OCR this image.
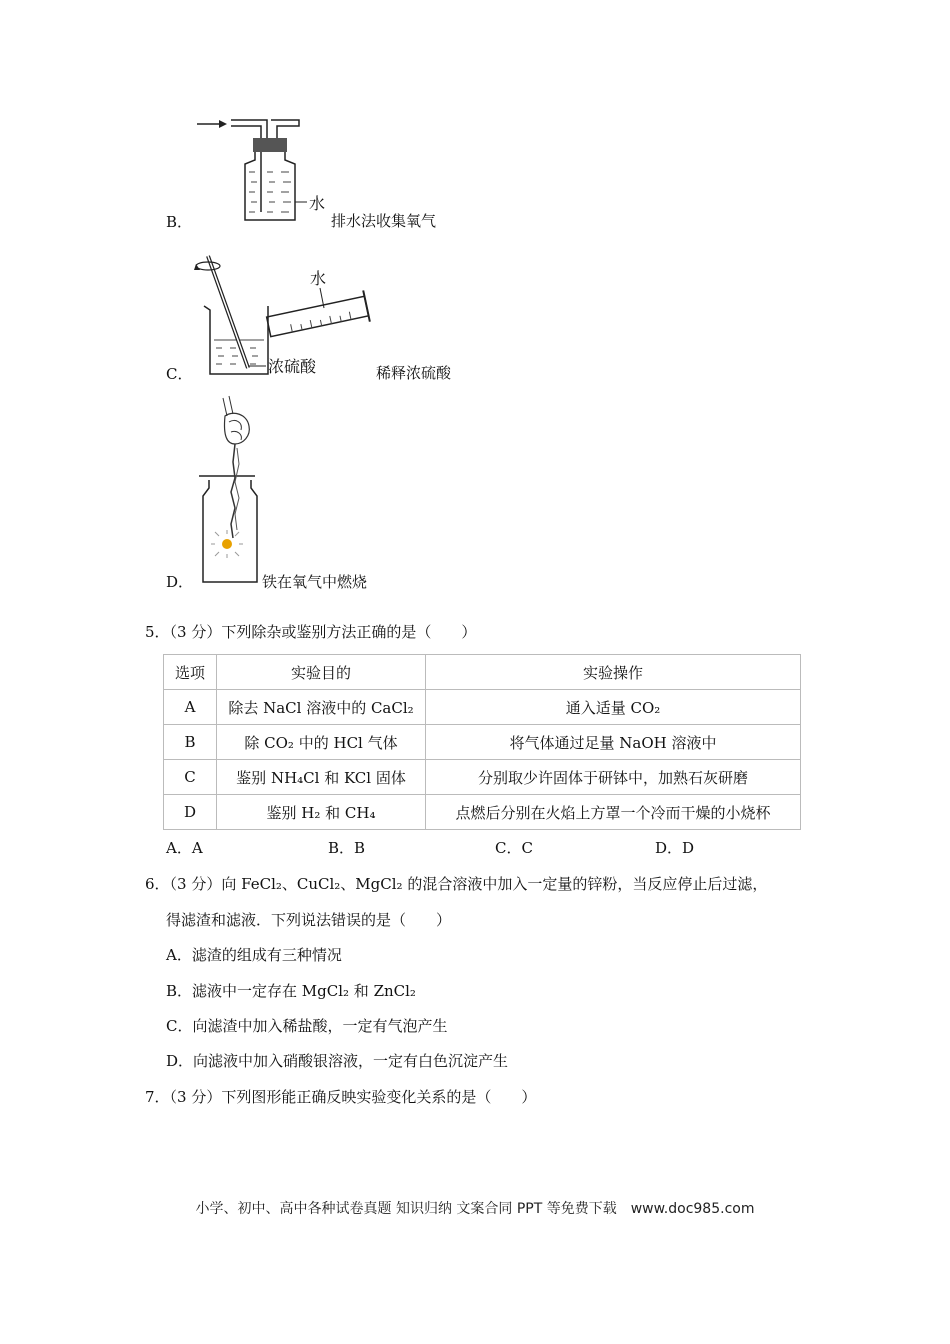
B．
水
排水法收集氧气
C．
水
浓硫酸	稀释浓硫酸
D．	铁在氧气中燃烧
5．（3 分）下列除杂或鉴别方法正确的是（　　）
选项	实验目的	实验操作
A	除去 NaCl 溶液中的 CaCl₂	通入适量 CO₂
B	除 CO₂ 中的 HCl 气体	将气体通过足量 NaOH 溶液中
C	鉴别 NH₄Cl 和 KCl 固体	分别取少许固体于研钵中，加熟石灰研磨
D	鉴别 H₂ 和 CH₄	点燃后分别在火焰上方罩一个冷而干燥的小烧杯
A．A	B．B	C．C	D．D
6．（3 分）向 FeCl₂、CuCl₂、MgCl₂ 的混合溶液中加入一定量的锌粉，当反应停止后过滤，
得滤渣和滤液．下列说法错误的是（　　）
A．滤渣的组成有三种情况
B．滤液中一定存在 MgCl₂ 和 ZnCl₂
C．向滤渣中加入稀盐酸，一定有气泡产生
D．向滤液中加入硝酸银溶液，一定有白色沉淀产生
7．（3 分）下列图形能正确反映实验变化关系的是（　　）
小学、初中、高中各种试卷真题 知识归纳 文案合同 PPT 等免费下载　www.doc985.com
